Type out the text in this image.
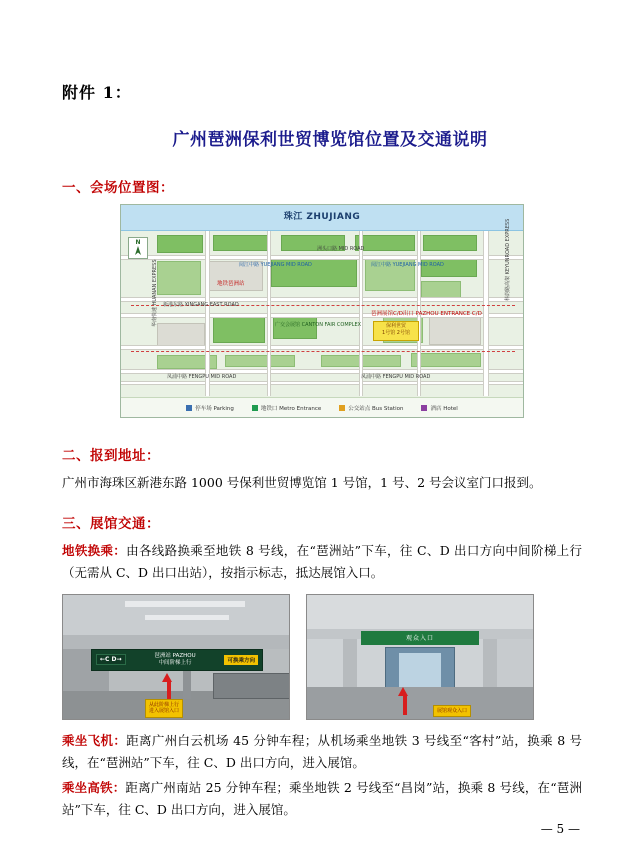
附件 1：
广州琶洲保利世贸博览馆位置及交通说明
一、会场位置图：
珠江 ZHUJIANG
阅江中路 YUEJIANG MID ROAD	阅江中路 YUEJIANG MID ROAD
新港东路 XINGANG EAST ROAD
凤浦中路 FENGPU MID ROAD	凤浦中路 FENGPU MID ROAD
华南快速 HUANAN EXPRESS	科韵路高架 KEYUNROAD EXPRESS
洲头口路 MID ROAD
保利世贸
1号馆 2号馆
琶洲展馆C/D出口 PAZHOU ENTRANCE C/D
广交会展馆 CANTON FAIR COMPLEX
地铁琶洲站
N
停车场 Parking	地铁口 Metro Entrance	公交站点 Bus Station	酒店 Hotel
二、报到地址：
广州市海珠区新港东路 1000 号保利世贸博览馆 1 号馆，1 号、2 号会议室门口报到。
三、展馆交通：
地铁换乘：由各线路换乘至地铁 8 号线，在“琶洲站”下车，往 C、D 出口方向中间阶梯上行（无需从 C、D 出口出站），按指示标志，抵达展馆入口。
←C D→
琶洲站 PAZHOU
中间阶梯上行	可换乘方向
从此阶梯上行
进入展馆入口
观众入口
展馆观众入口
乘坐飞机：距离广州白云机场 45 分钟车程；从机场乘坐地铁 3 号线至“客村”站，换乘 8 号线，在“琶洲站”下车，往 C、D 出口方向，进入展馆。
乘坐高铁：距离广州南站 25 分钟车程；乘坐地铁 2 号线至“昌岗”站，换乘 8 号线，在“琶洲站”下车，往 C、D 出口方向，进入展馆。
— 5 —
